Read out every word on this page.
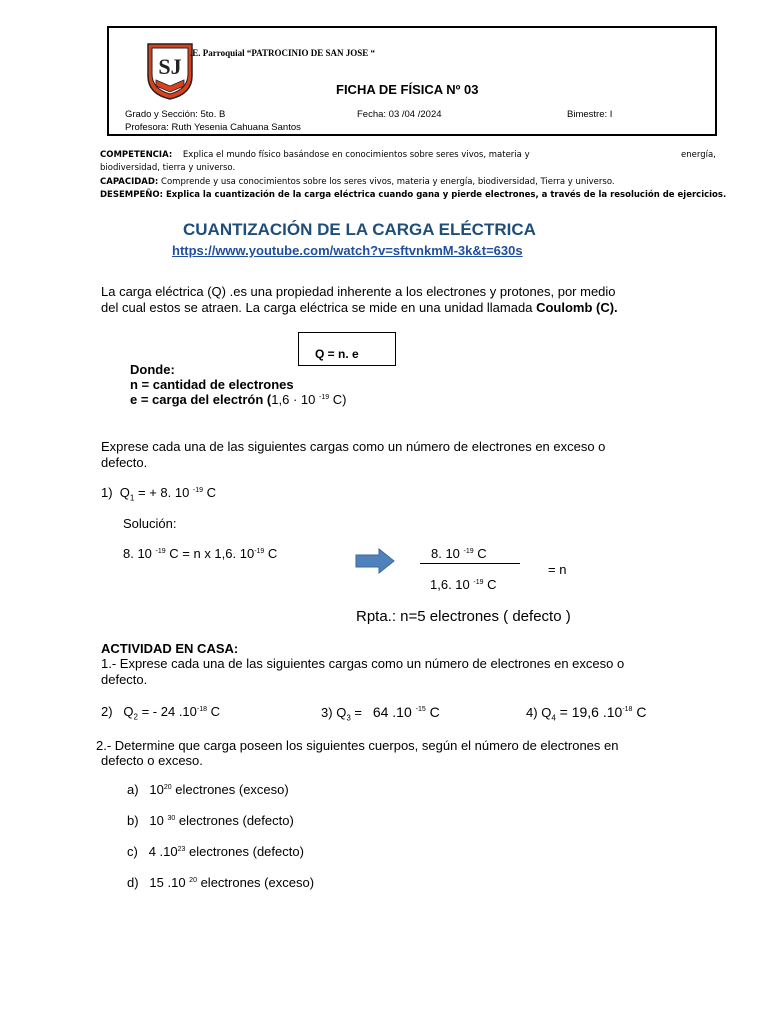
SJ
.E. Parroquial “PATROCINIO DE SAN JOSE “
FICHA DE FÍSICA Nº 03
Grado y Sección: 5to. B	Fecha: 03 /04 /2024	Bimestre: I
Profesora: Ruth Yesenia Cahuana Santos
COMPETENCIA: Explica el mundo físico basándose en conocimientos sobre seres vivos, materia y	energía,
biodiversidad, tierra y universo.
CAPACIDAD: Comprende y usa conocimientos sobre los seres vivos, materia y energía, biodiversidad, Tierra y universo.
DESEMPEÑO: Explica la cuantización de la carga eléctrica cuando gana y pierde electrones, a través de la resolución de ejercicios.
CUANTIZACIÓN DE LA CARGA ELÉCTRICA
https://www.youtube.com/watch?v=sftvnkmM-3k&t=630s
La carga eléctrica (Q) .es una propiedad inherente a los electrones y protones, por medio
del cual estos se atraen. La carga eléctrica se mide en una unidad llamada Coulomb (C).
Q = n. e
Donde:
n = cantidad de electrones
e = carga del electrón (1,6 · 10 $^{-19}$ C)
Exprese cada una de las siguientes cargas como un número de electrones en exceso o
defecto.
1) $Q_1$ = + 8. 10 $^{-19}$ C
Solución:
8. 10 $^{-19}$ C = n x 1,6. $10^{-19}$ C	8. 10 $^{-19}$ C
1,6. 10 $^{-19}$ C
= n
Rpta.: n=5 electrones ( defecto )
ACTIVIDAD EN CASA:
1.- Exprese cada una de las siguientes cargas como un número de electrones en exceso o
defecto.
2) $Q_2$ = - 24 $.10^{-18}$ C	3) $Q_3 = 64$ .10 $^{-15}$ C	4) $Q_4 = 19,6$ $.10^{-18}$ C
2.- Determine que carga poseen los siguientes cuerpos, según el número de electrones en
defecto o exceso.
a) $10^{20}$ electrones (exceso)
b) 10 $^{30}$ electrones (defecto)
c) 4 $.10^{23}$ electrones (defecto)
d) 15 .10 $^{20}$ electrones (exceso)
